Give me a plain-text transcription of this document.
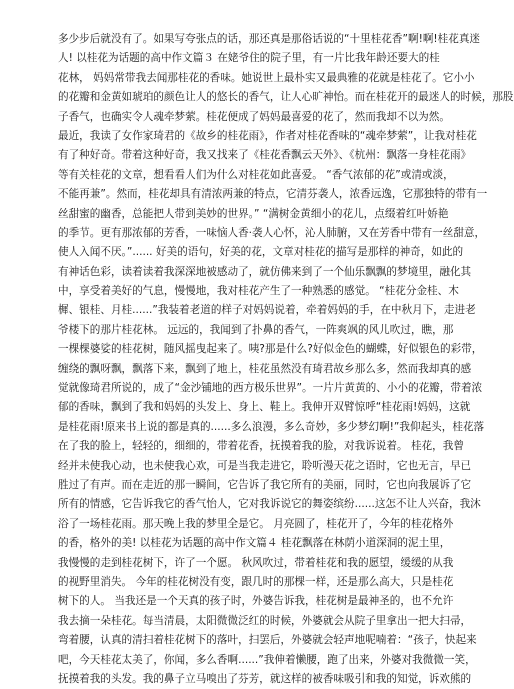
多少步后就没有了。如果写夸张点的话，那还真是那俗话说的“十里桂花香”啊!啊!桂花真迷
人! 以桂花为话题的高中作文篇３ 在姥爷住的院子里，有一片比我年龄还要大的桂
花林， 妈妈常带我去闻那桂花的香味。她说世上最朴实又最典雅的花就是桂花了。它小小
的花瓣和金黄如琥珀的颜色让人的悠长的香气，让人心旷神怡。而在桂花开的最迷人的时候，那股
子香气，也确实令人魂牵梦萦。桂花便成了妈妈最喜爱的花了，然而我却不以为然。
最近，我读了女作家琦君的《故乡的桂花雨》，作者对桂花香味的“魂牵梦萦”，让我对桂花
有了种好奇。带着这种好奇，我又找来了《桂花香飘云天外》、《杭州：飘落一身桂花雨》
等有关桂花的文章，想看看人们为什么对桂花如此喜爱。 “香气浓郁的花”或清或淡，
不能再兼”。然而，桂花却具有清浓两兼的特点，它清芬袭人，浓香远逸，它那独特的带有一
丝甜蜜的幽香，总能把人带到美妙的世界。” “满树金黄细小的花儿，点缀着红叶娇艳
的季节。更有那浓郁的芳香，一味恼人香·袭人心怀，沁人肺腑，又在芳香中带有一丝甜意，
使人入闻不厌。”...... 好美的语句，好美的花，文章对桂花的描写是那样的神奇，如此的
有神话色彩，读着读着我深深地被感动了，就仿佛来到了一个仙乐飘飘的梦境里，融化其
中，享受着美好的气息，慢慢地，我对桂花产生了一种熟悉的感觉。 “桂花分金桂、木
樨、银桂、月桂......”我装着老道的样子对妈妈说着，牵着妈妈的手，在中秋月下，走进老
爷楼下的那片桂花林。 远远的，我闻到了扑鼻的香气，一阵爽飒的风儿吹过，瞧，那
一棵棵婆娑的桂花树，随风摇曳起来了。咦?那是什么?好似金色的蝴蝶，好似银色的彩带，
缠绕的飘呀飘，飘落下来，飘到了地上，桂花虽然没有琦君故乡那么多，然而我却真的感
觉就像琦君所说的，成了“金沙铺地的西方极乐世界”。一片片黄黄的、小小的花瓣，带着浓
郁的香味，飘到了我和妈妈的头发上、身上、鞋上。我伸开双臂惊呼“桂花雨!妈妈，这就
是桂花雨!原来书上说的都是真的......多么浪漫，多么奇妙，多少梦幻啊!”我仰起头，桂花落
在了我的脸上，轻轻的，细细的，带着花香，抚摸着我的脸，对我诉说着。 桂花，我曾
经并未使我心动，也未使我心欢，可是当我走进它，聆听漫天花之语时，它也无言，早已
胜过了有声。而在走近的那一瞬间，它告诉了我它所有的美丽，同时，它也向我展诉了它
所有的情感，它告诉我它的香气怡人，它对我诉说它的舞姿缤纷......这怎不让人兴奋，我沐
浴了一场桂花雨。那天晚上我的梦里全是它。 月亮圆了，桂花开了，今年的桂花格外
的香，格外的美! 以桂花为话题的高中作文篇４ 桂花飘落在林荫小道深洞的泥土里，
我慢慢的走到桂花树下，许了一个愿。 秋风吹过，带着桂花和我的愿望，缓缓的从我
的视野里消失。 今年的桂花树没有变，跟几时的那棵一样，还是那么高大，只是桂花
树下的人。 当我还是一个天真的孩子时，外婆告诉我，桂花树是最神圣的，也不允许
我去摘一朵桂花。每当清晨，太阳微微泛红的时候，外婆就会从院子里拿出一把大扫帚，
弯着腰，认真的清扫着桂花树下的落叶，扫罢后，外婆就会轻声地呢喃着：“孩子，快起来
吧，今天桂花太美了，你闻，多么香啊......”我伸着懒腰，跑了出来，外婆对我微微一笑，
抚摸着我的头发。我的鼻子立马嗅出了芬芳，就这样的被香味吸引和我的知觉，诉欢熊的
